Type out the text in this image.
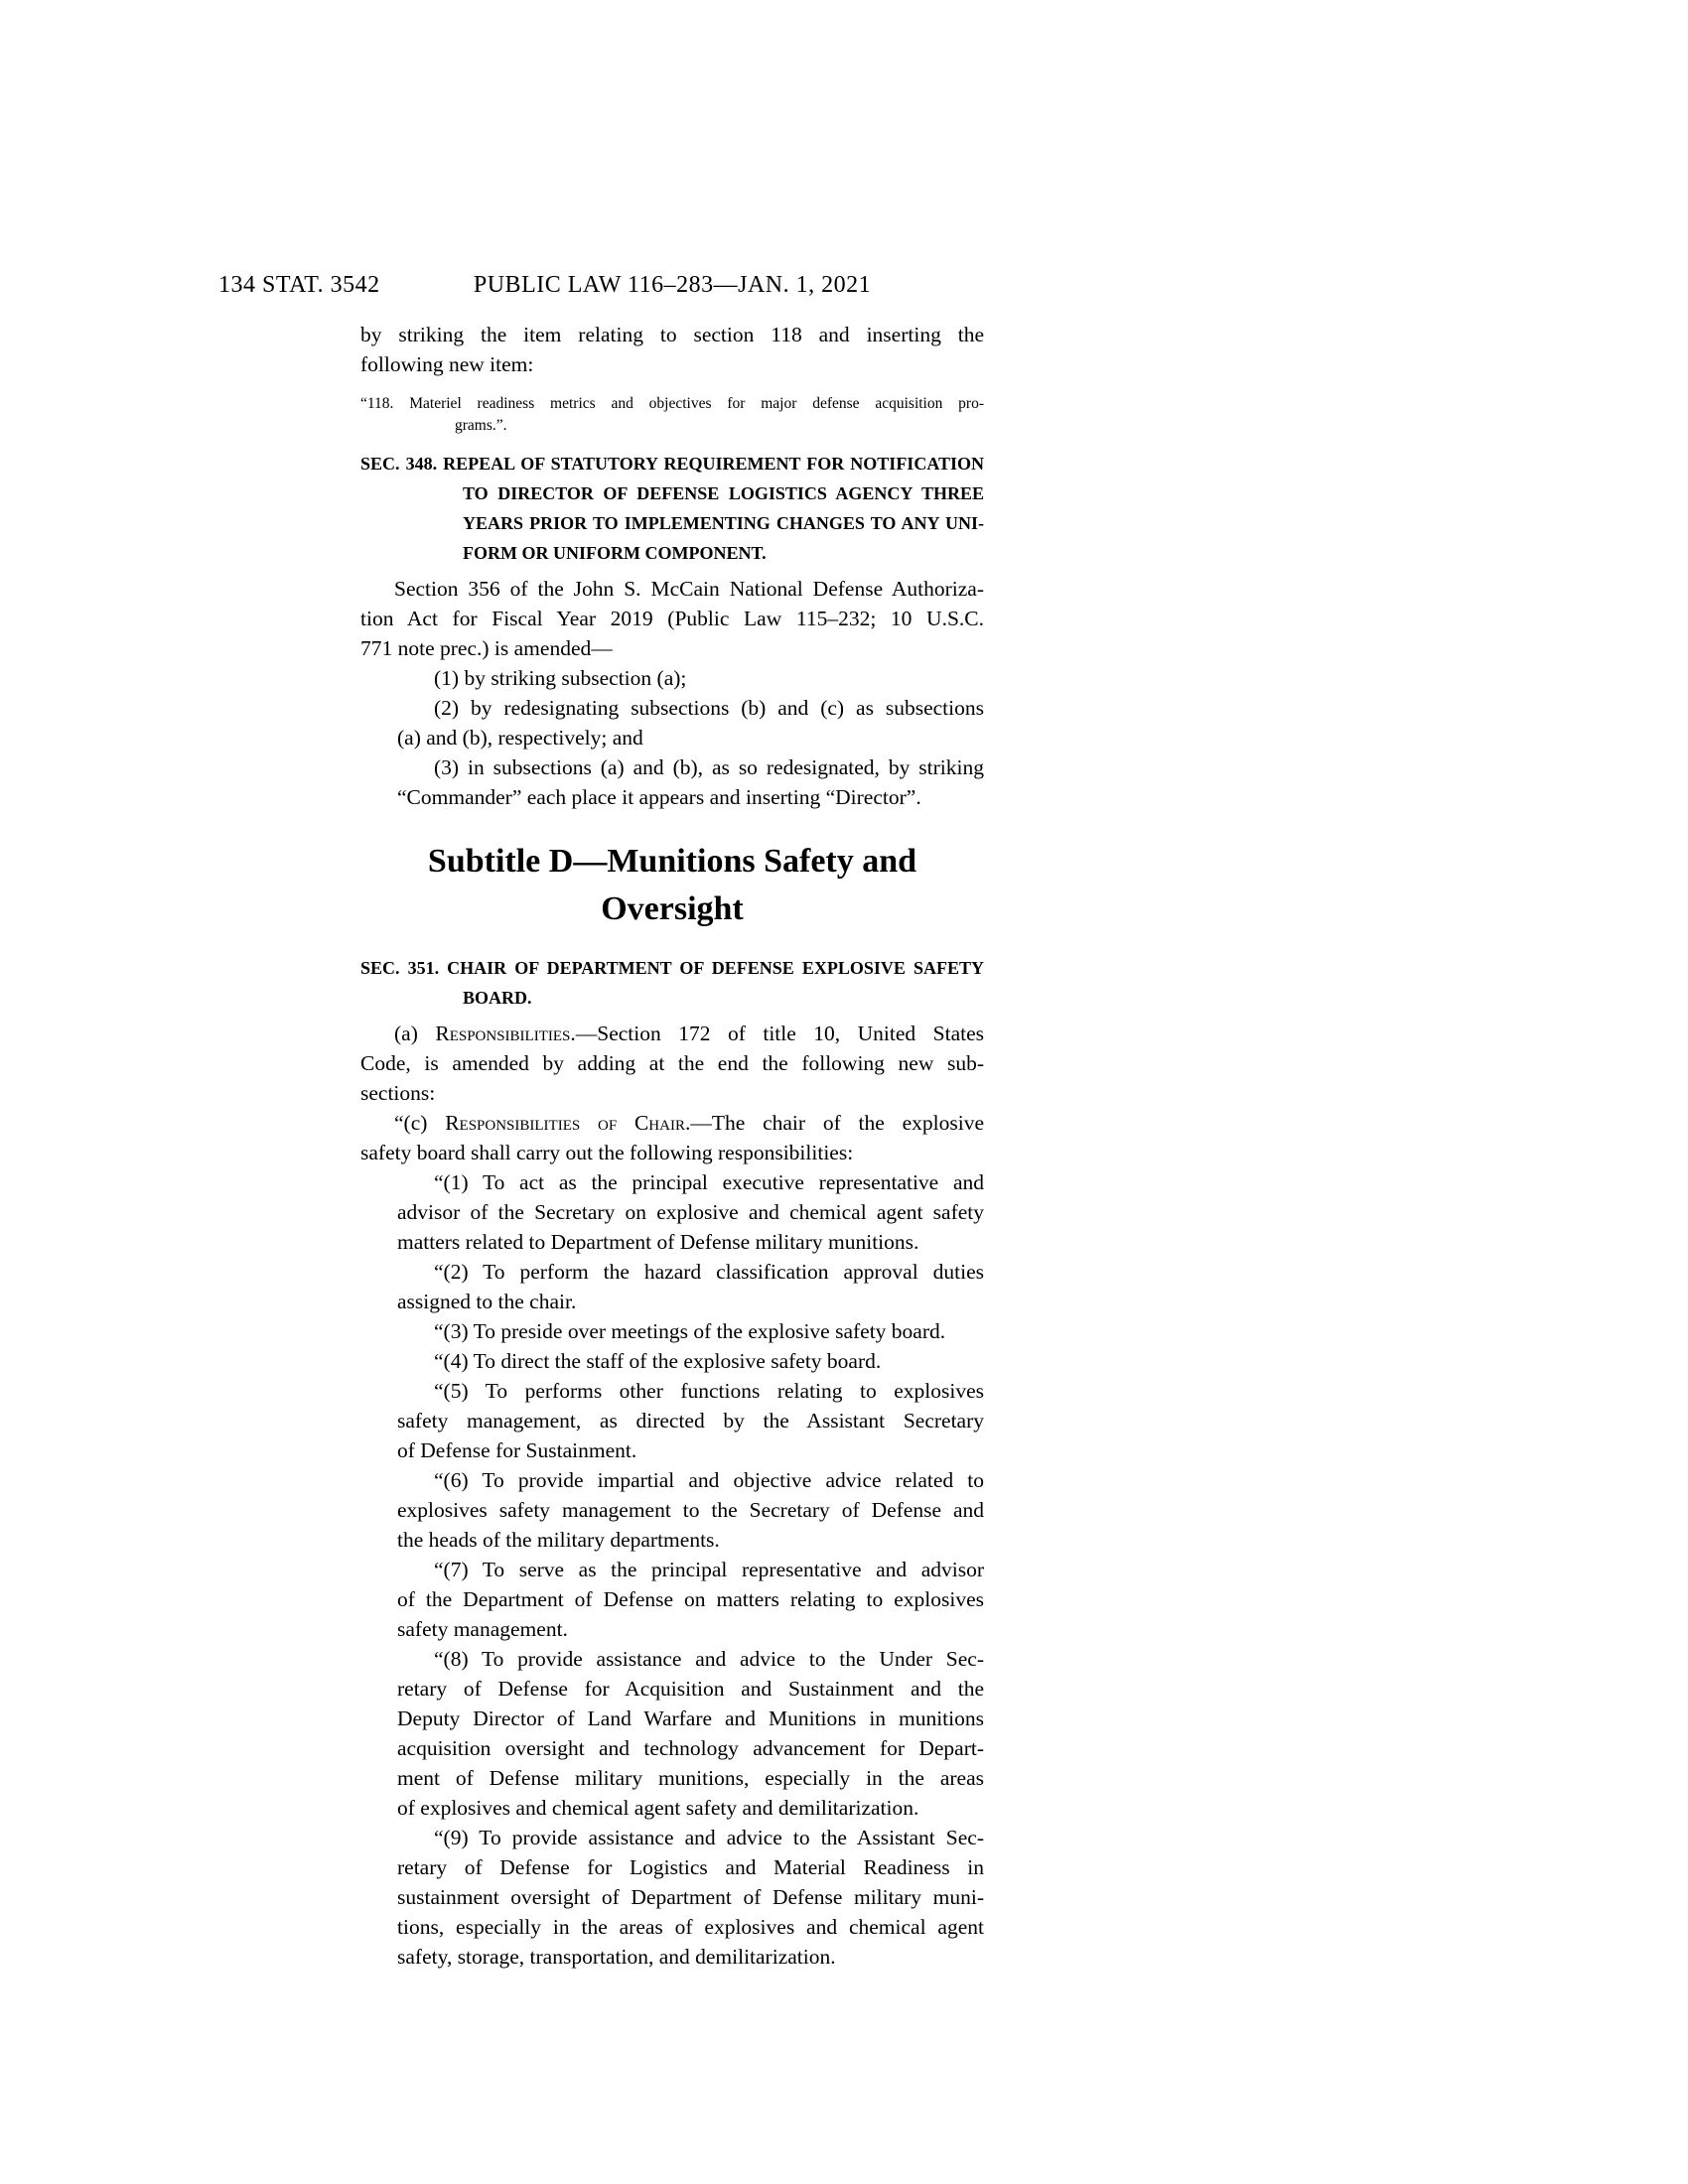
134 STAT. 3542	PUBLIC LAW 116–283—JAN. 1, 2021
by striking the item relating to section 118 and inserting the
following new item:
“118. Materiel readiness metrics and objectives for major defense acquisition pro-
grams.”.
SEC. 348. REPEAL OF STATUTORY REQUIREMENT FOR NOTIFICATION
TO DIRECTOR OF DEFENSE LOGISTICS AGENCY THREE
YEARS PRIOR TO IMPLEMENTING CHANGES TO ANY UNI-
FORM OR UNIFORM COMPONENT.
Section 356 of the John S. McCain National Defense Authoriza-
tion Act for Fiscal Year 2019 (Public Law 115–232; 10 U.S.C.
771 note prec.) is amended—
(1) by striking subsection (a);
(2) by redesignating subsections (b) and (c) as subsections
(a) and (b), respectively; and
(3) in subsections (a) and (b), as so redesignated, by striking
“Commander” each place it appears and inserting “Director”.
Subtitle D—Munitions Safety and
Oversight
SEC. 351. CHAIR OF DEPARTMENT OF DEFENSE EXPLOSIVE SAFETY
BOARD.
(a) Responsibilities.—Section 172 of title 10, United States
Code, is amended by adding at the end the following new sub-
sections:
“(c) Responsibilities of Chair.—The chair of the explosive
safety board shall carry out the following responsibilities:
“(1) To act as the principal executive representative and
advisor of the Secretary on explosive and chemical agent safety
matters related to Department of Defense military munitions.
“(2) To perform the hazard classification approval duties
assigned to the chair.
“(3) To preside over meetings of the explosive safety board.
“(4) To direct the staff of the explosive safety board.
“(5) To performs other functions relating to explosives
safety management, as directed by the Assistant Secretary
of Defense for Sustainment.
“(6) To provide impartial and objective advice related to
explosives safety management to the Secretary of Defense and
the heads of the military departments.
“(7) To serve as the principal representative and advisor
of the Department of Defense on matters relating to explosives
safety management.
“(8) To provide assistance and advice to the Under Sec-
retary of Defense for Acquisition and Sustainment and the
Deputy Director of Land Warfare and Munitions in munitions
acquisition oversight and technology advancement for Depart-
ment of Defense military munitions, especially in the areas
of explosives and chemical agent safety and demilitarization.
“(9) To provide assistance and advice to the Assistant Sec-
retary of Defense for Logistics and Material Readiness in
sustainment oversight of Department of Defense military muni-
tions, especially in the areas of explosives and chemical agent
safety, storage, transportation, and demilitarization.
